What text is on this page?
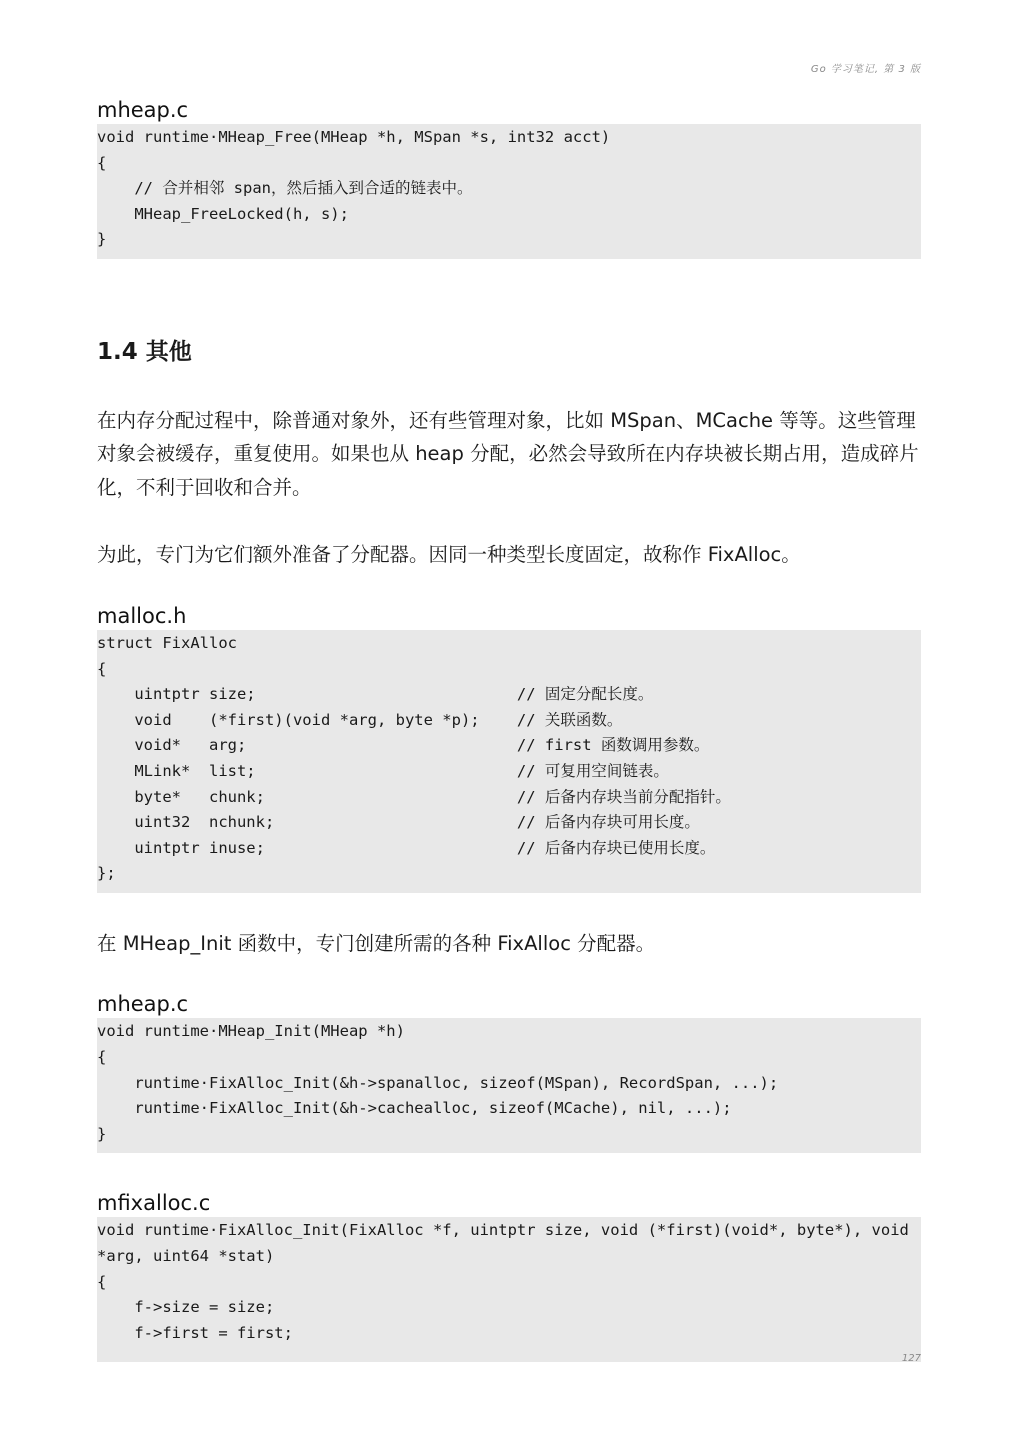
Go 学习笔记, 第 3 版
mheap.c
void runtime·MHeap_Free(MHeap *h, MSpan *s, int32 acct)
{
// 合并相邻 span，然后插入到合适的链表中。
MHeap_FreeLocked(h, s);
}
1.4 其他

在内存分配过程中，除普通对象外，还有些管理对象，比如 MSpan、MCache 等等。这些管理对象会被缓存，重复使用。如果也从 heap 分配，必然会导致所在内存块被长期占用，造成碎片化，不利于回收和合并。

为此，专门为它们额外准备了分配器。因同一种类型长度固定，故称作 FixAlloc。

malloc.h
struct FixAlloc
{
uintptr size;                            // 固定分配长度。
void    (*first)(void *arg, byte *p);    // 关联函数。
void*   arg;                             // first 函数调用参数。
MLink*  list;                            // 可复用空间链表。
byte*   chunk;                           // 后备内存块当前分配指针。
uint32  nchunk;                          // 后备内存块可用长度。
uintptr inuse;                           // 后备内存块已使用长度。
};

在 MHeap_Init 函数中，专门创建所需的各种 FixAlloc 分配器。

mheap.c
void runtime·MHeap_Init(MHeap *h)
{
runtime·FixAlloc_Init(&h->spanalloc, sizeof(MSpan), RecordSpan, ...);
runtime·FixAlloc_Init(&h->cachealloc, sizeof(MCache), nil, ...);
}
mfixalloc.c
void runtime·FixAlloc_Init(FixAlloc *f, uintptr size, void (*first)(void*, byte*), void
*arg, uint64 *stat)
{
f->size = size;
f->first = first;
127
